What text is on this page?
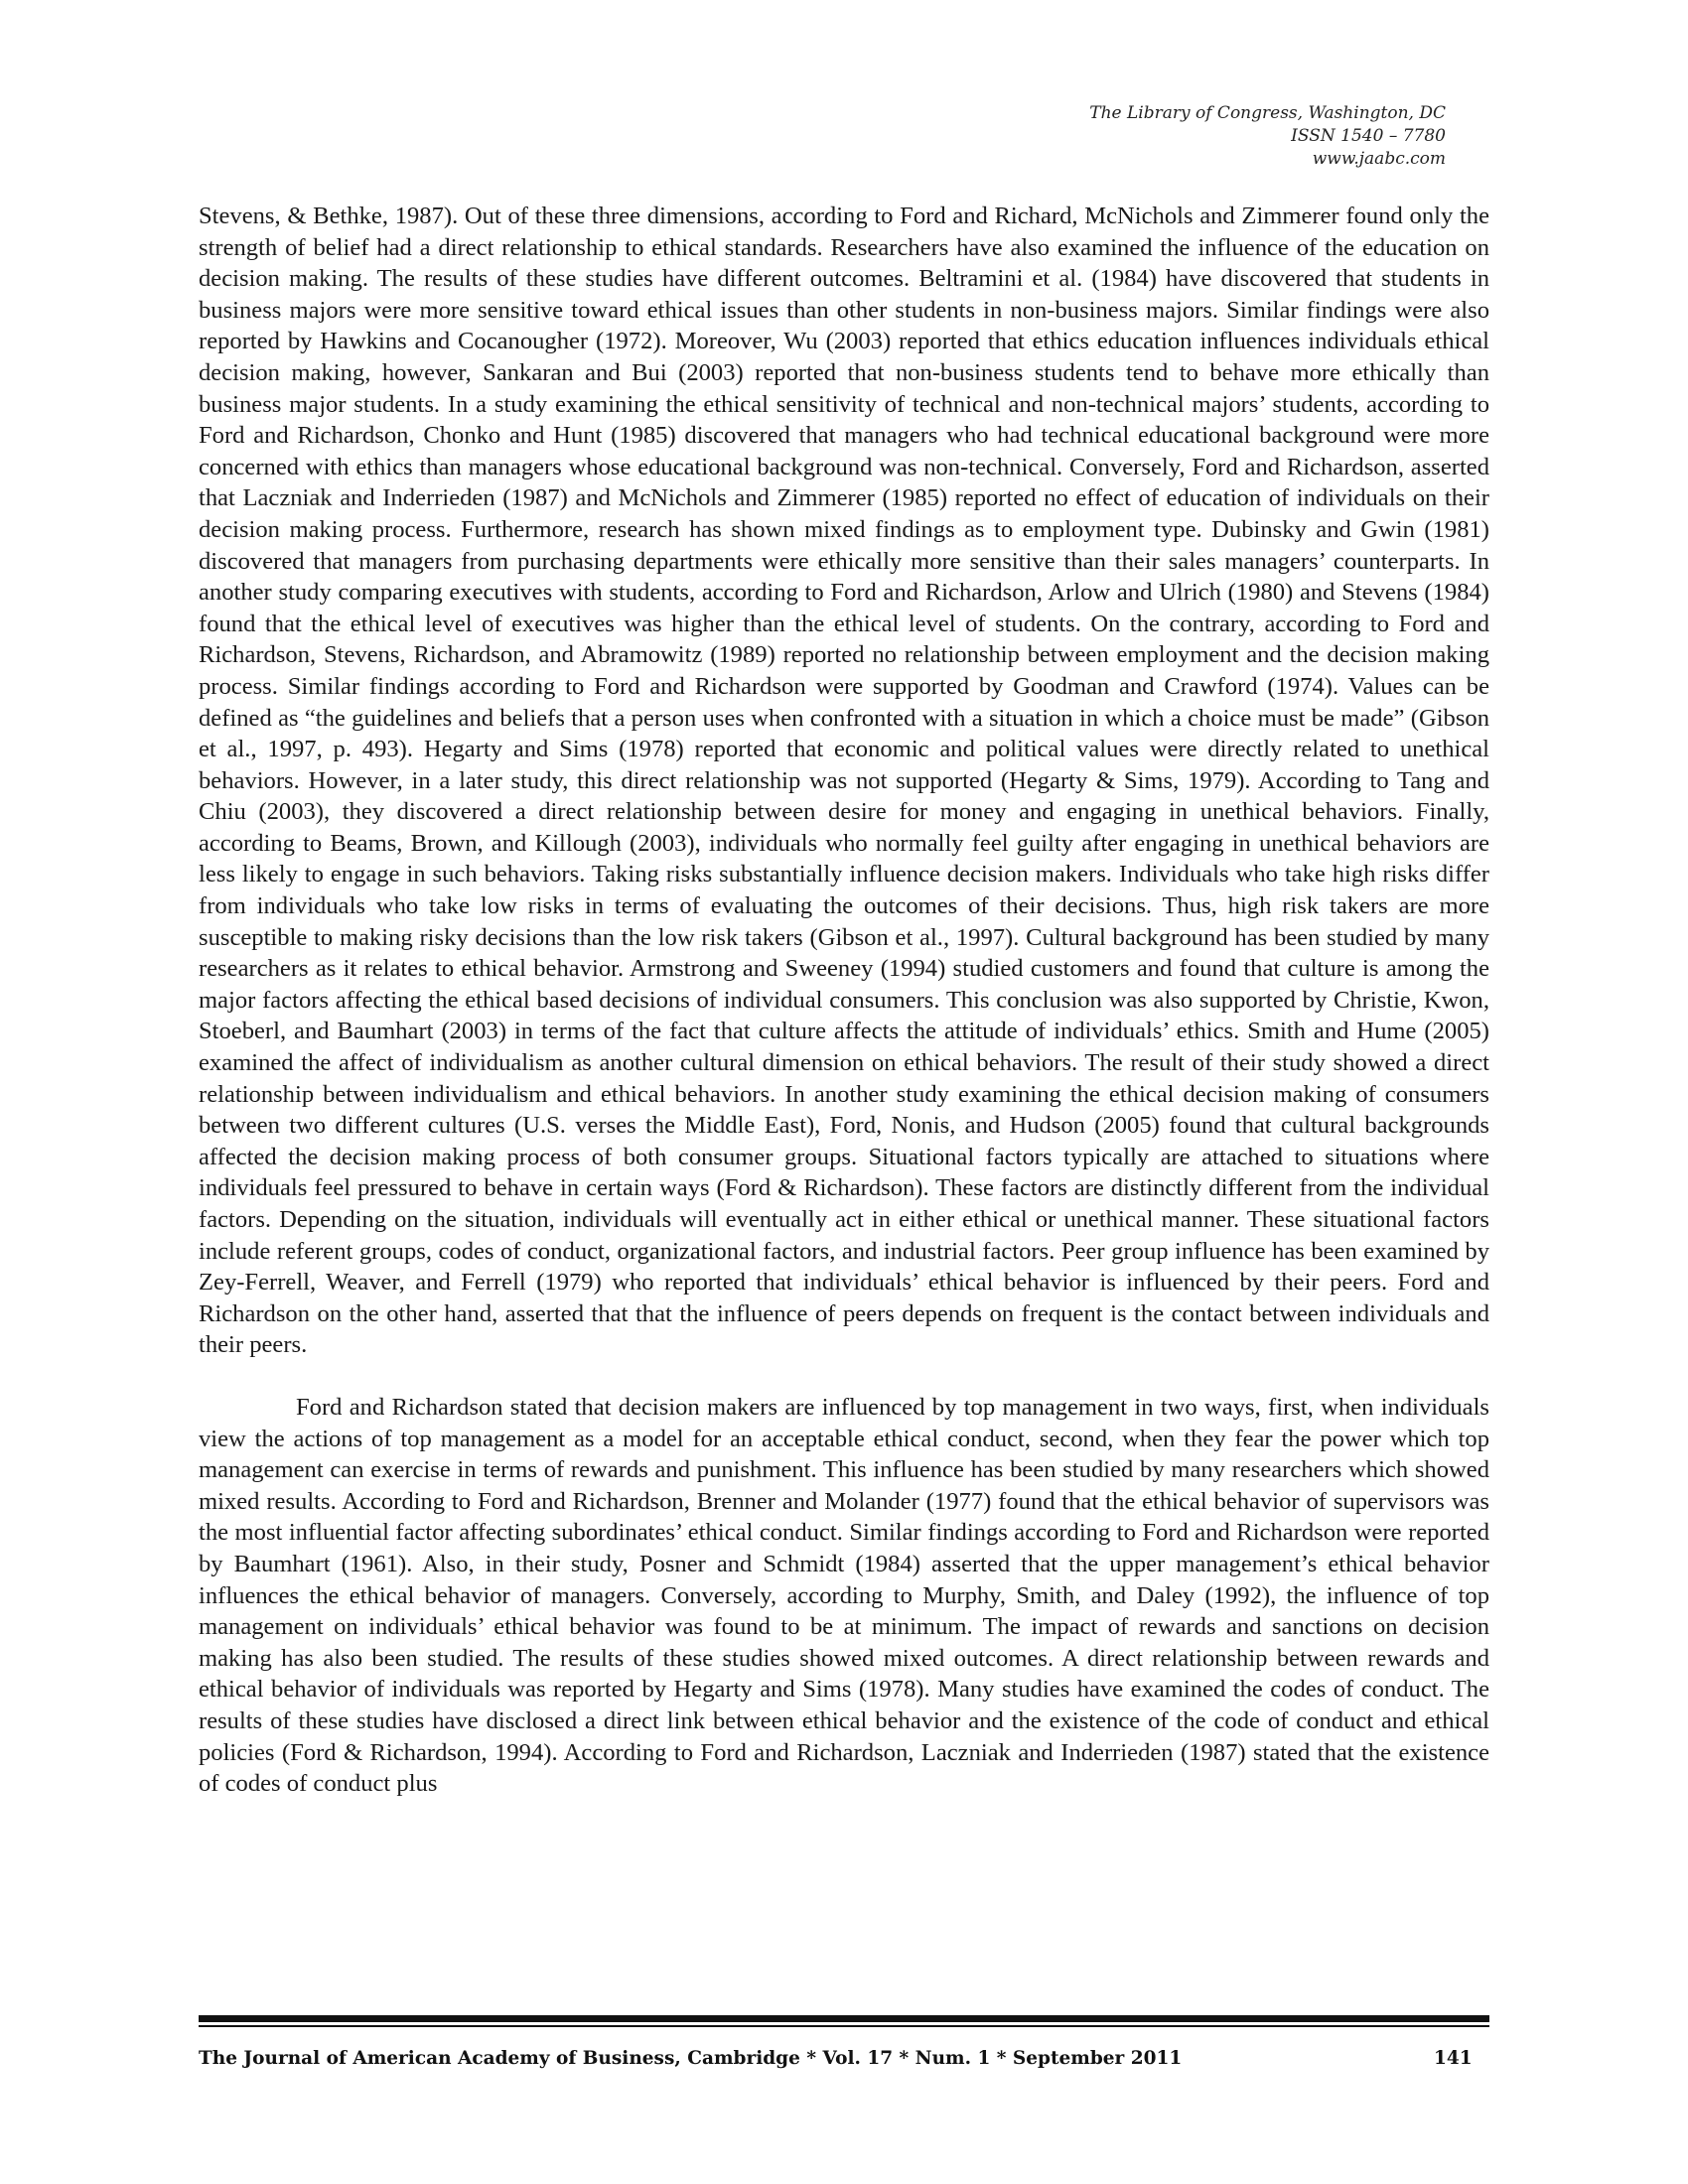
The Library of Congress, Washington, DC
ISSN 1540 – 7780
www.jaabc.com

Stevens, & Bethke, 1987). Out of these three dimensions, according to Ford and Richard, McNichols and Zimmerer found only the strength of belief had a direct relationship to ethical standards. Researchers have also examined the influence of the education on decision making. The results of these studies have different outcomes. Beltramini et al. (1984) have discovered that students in business majors were more sensitive toward ethical issues than other students in non-business majors. Similar findings were also reported by Hawkins and Cocanougher (1972). Moreover, Wu (2003) reported that ethics education influences individuals ethical decision making, however, Sankaran and Bui (2003) reported that non-business students tend to behave more ethically than business major students. In a study examining the ethical sensitivity of technical and non-technical majors’ students, according to Ford and Richardson, Chonko and Hunt (1985) discovered that managers who had technical educational background were more concerned with ethics than managers whose educational background was non-technical. Conversely, Ford and Richardson, asserted that Laczniak and Inderrieden (1987) and McNichols and Zimmerer (1985) reported no effect of education of individuals on their decision making process. Furthermore, research has shown mixed findings as to employment type. Dubinsky and Gwin (1981) discovered that managers from purchasing departments were ethically more sensitive than their sales managers’ counterparts. In another study comparing executives with students, according to Ford and Richardson, Arlow and Ulrich (1980) and Stevens (1984) found that the ethical level of executives was higher than the ethical level of students. On the contrary, according to Ford and Richardson, Stevens, Richardson, and Abramowitz (1989) reported no relationship between employment and the decision making process. Similar findings according to Ford and Richardson were supported by Goodman and Crawford (1974). Values can be defined as “the guidelines and beliefs that a person uses when confronted with a situation in which a choice must be made” (Gibson et al., 1997, p. 493). Hegarty and Sims (1978) reported that economic and political values were directly related to unethical behaviors. However, in a later study, this direct relationship was not supported (Hegarty & Sims, 1979). According to Tang and Chiu (2003), they discovered a direct relationship between desire for money and engaging in unethical behaviors. Finally, according to Beams, Brown, and Killough (2003), individuals who normally feel guilty after engaging in unethical behaviors are less likely to engage in such behaviors. Taking risks substantially influence decision makers. Individuals who take high risks differ from individuals who take low risks in terms of evaluating the outcomes of their decisions. Thus, high risk takers are more susceptible to making risky decisions than the low risk takers (Gibson et al., 1997). Cultural background has been studied by many researchers as it relates to ethical behavior. Armstrong and Sweeney (1994) studied customers and found that culture is among the major factors affecting the ethical based decisions of individual consumers. This conclusion was also supported by Christie, Kwon, Stoeberl, and Baumhart (2003) in terms of the fact that culture affects the attitude of individuals’ ethics. Smith and Hume (2005) examined the affect of individualism as another cultural dimension on ethical behaviors. The result of their study showed a direct relationship between individualism and ethical behaviors. In another study examining the ethical decision making of consumers between two different cultures (U.S. verses the Middle East), Ford, Nonis, and Hudson (2005) found that cultural backgrounds affected the decision making process of both consumer groups. Situational factors typically are attached to situations where individuals feel pressured to behave in certain ways (Ford & Richardson). These factors are distinctly different from the individual factors. Depending on the situation, individuals will eventually act in either ethical or unethical manner. These situational factors include referent groups, codes of conduct, organizational factors, and industrial factors. Peer group influence has been examined by Zey-Ferrell, Weaver, and Ferrell (1979) who reported that individuals’ ethical behavior is influenced by their peers. Ford and Richardson on the other hand, asserted that that the influence of peers depends on frequent is the contact between individuals and their peers.

Ford and Richardson stated that decision makers are influenced by top management in two ways, first, when individuals view the actions of top management as a model for an acceptable ethical conduct, second, when they fear the power which top management can exercise in terms of rewards and punishment. This influence has been studied by many researchers which showed mixed results. According to Ford and Richardson, Brenner and Molander (1977) found that the ethical behavior of supervisors was the most influential factor affecting subordinates’ ethical conduct. Similar findings according to Ford and Richardson were reported by Baumhart (1961). Also, in their study, Posner and Schmidt (1984) asserted that the upper management’s ethical behavior influences the ethical behavior of managers. Conversely, according to Murphy, Smith, and Daley (1992), the influence of top management on individuals’ ethical behavior was found to be at minimum. The impact of rewards and sanctions on decision making has also been studied. The results of these studies showed mixed outcomes. A direct relationship between rewards and ethical behavior of individuals was reported by Hegarty and Sims (1978). Many studies have examined the codes of conduct. The results of these studies have disclosed a direct link between ethical behavior and the existence of the code of conduct and ethical policies (Ford & Richardson, 1994). According to Ford and Richardson, Laczniak and Inderrieden (1987) stated that the existence of codes of conduct plus

The Journal of American Academy of Business, Cambridge * Vol. 17 * Num. 1 * September 2011	141
